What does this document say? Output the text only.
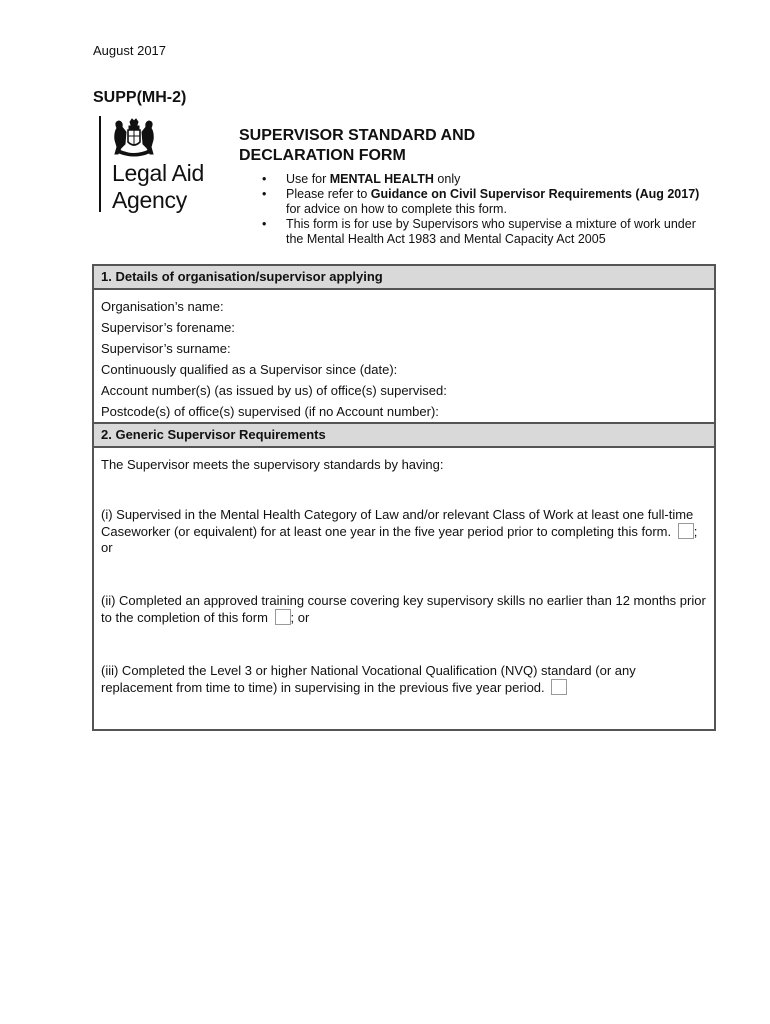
August 2017
SUPP(MH-2)
Legal Aid
Agency
SUPERVISOR STANDARD AND
DECLARATION FORM
• Use for MENTAL HEALTH only
• Please refer to Guidance on Civil Supervisor Requirements (Aug 2017) for advice on how to complete this form.
• This form is for use by Supervisors who supervise a mixture of work under the Mental Health Act 1983 and Mental Capacity Act 2005
1. Details of organisation/supervisor applying
Organisation’s name:
Supervisor’s forename:
Supervisor’s surname:
Continuously qualified as a Supervisor since (date):
Account number(s) (as issued by us) of office(s) supervised:
Postcode(s) of office(s) supervised (if no Account number):
2. Generic Supervisor Requirements

The Supervisor meets the supervisory standards by having:

(i) Supervised in the Mental Health Category of Law and/or relevant Class of Work at least one full-time Caseworker (or equivalent) for at least one year in the five year period prior to completing this form. ; or

(ii) Completed an approved training course covering key supervisory skills no earlier than 12 months prior to the completion of this form ; or

(iii) Completed the Level 3 or higher National Vocational Qualification (NVQ) standard (or any replacement from time to time) in supervising in the previous five year period.
